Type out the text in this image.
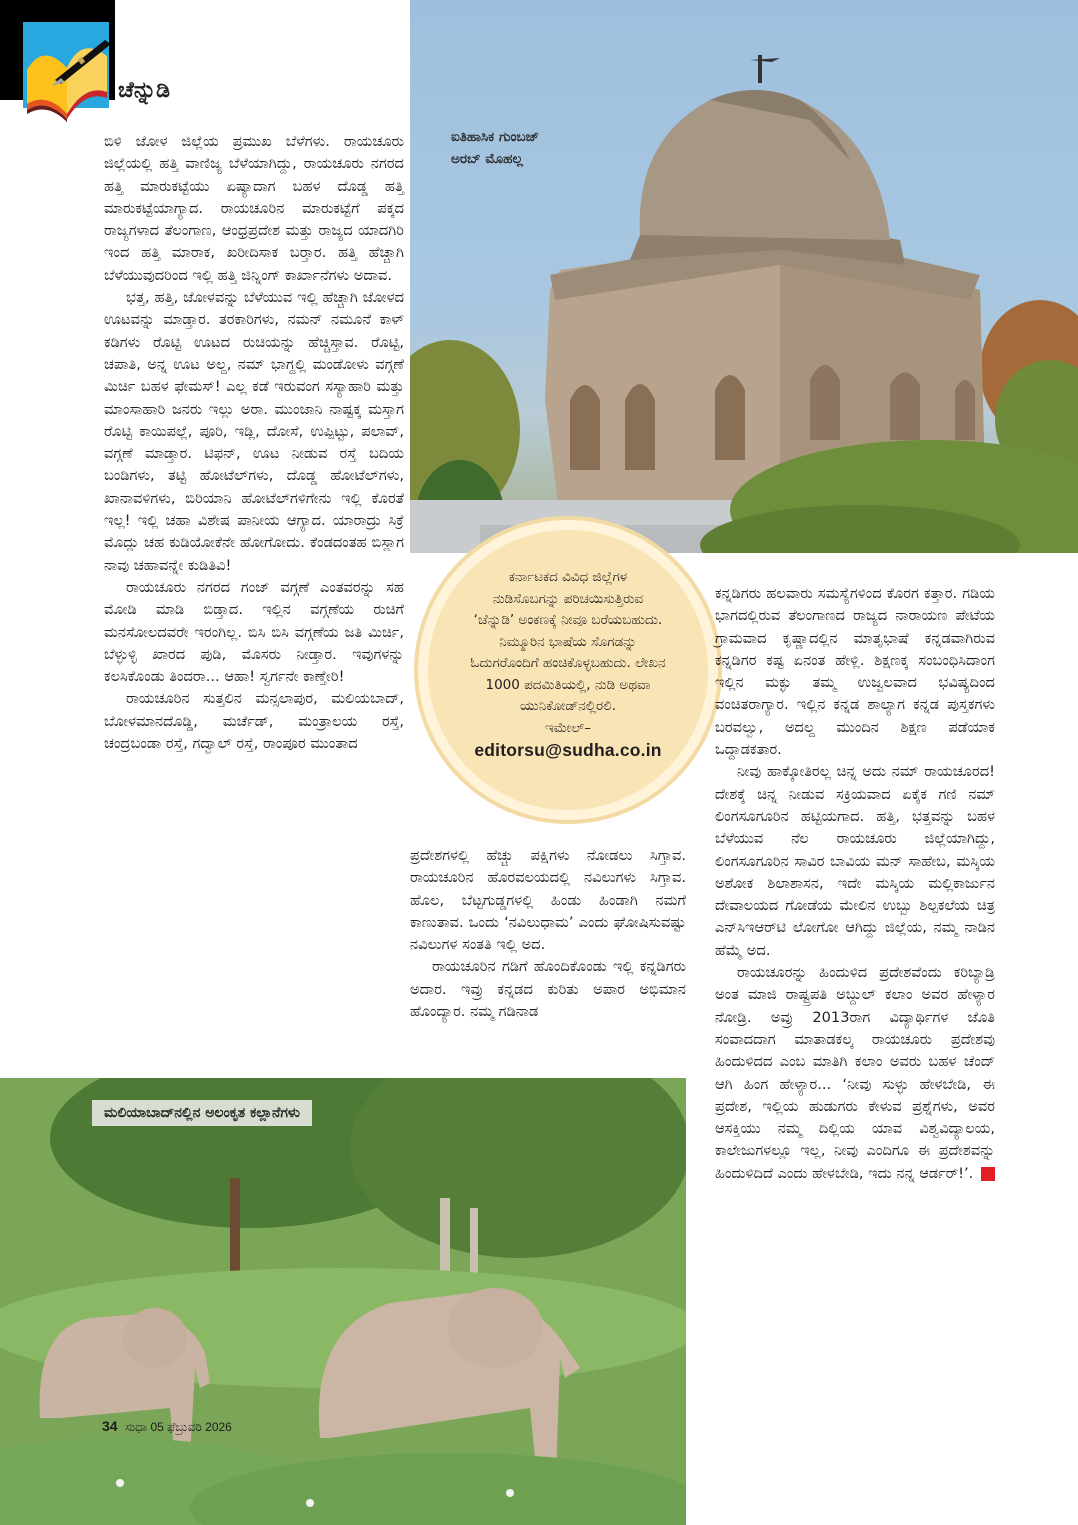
ಚೆನ್ನುಡಿ
ಐತಿಹಾಸಿಕ ಗುಂಬಜ್
ಅರಬ್ ಮೊಹಲ್ಲ
ಕರ್ನಾಟಕದ ವಿವಿಧ ಜಿಲ್ಲೆಗಳ
ನುಡಿಸೊಬಗನ್ನು ಪರಿಚಯಿಸುತ್ತಿರುವ
‘ಚೆನ್ನುಡಿ’ ಅಂಕಣಕ್ಕೆ ನೀವೂ ಬರೆಯಬಹುದು.
ನಿಮ್ಮೂರಿನ ಭಾಷೆಯ ಸೊಗಡನ್ನು
ಓದುಗರೊಂದಿಗೆ ಹಂಚಿಕೊಳ್ಳಬಹುದು. ಲೇಖನ
1000 ಪದಮಿತಿಯಲ್ಲಿ, ನುಡಿ ಅಥವಾ
ಯುನಿಕೋಡ್‌ನಲ್ಲಿರಲಿ.
ಇಮೇಲ್–
editorsu@sudha.co.in

ಬಿಳಿ ಜೋಳ ಜಿಲ್ಲೆಯ ಪ್ರಮುಖ ಬೆಳೆಗಳು. ರಾಯಚೂರು ಜಿಲ್ಲೆಯಲ್ಲಿ ಹತ್ತಿ ವಾಣಿಜ್ಯ ಬೆಳೆಯಾಗಿದ್ದು, ರಾಯಚೂರು ನಗರದ ಹತ್ತಿ ಮಾರುಕಟ್ಟೆಯು ಏಷ್ಯಾದಾಗ ಬಹಳ ದೊಡ್ಡ ಹತ್ತಿ ಮಾರುಕಟ್ಟೆಯಾಗ್ಯಾದ. ರಾಯಚೂರಿನ ಮಾರುಕಟ್ಟೆಗೆ ಪಕ್ಕದ ರಾಜ್ಯಗಳಾದ ತೆಲಂಗಾಣ, ಆಂಧ್ರಪ್ರದೇಶ ಮತ್ತು ರಾಜ್ಯದ ಯಾದಗಿರಿ ಇಂದ ಹತ್ತಿ ಮಾರಾಕ, ಖರೀದಿಸಾಕ ಬರ್‍ತಾರ. ಹತ್ತಿ ಹೆಚ್ಚಾಗಿ ಬೆಳೆಯುವುದರಿಂದ ಇಲ್ಲಿ ಹತ್ತಿ ಜಿನ್ನಿಂಗ್ ಕಾರ್ಖಾನೆಗಳು ಅದಾವ.

ಭತ್ತ, ಹತ್ತಿ, ಜೋಳವನ್ನು ಬೆಳೆಯುವ ಇಲ್ಲಿ ಹೆಚ್ಚಾಗಿ ಜೋಳದ ಊಟವನ್ನು ಮಾಡ್ತಾರ. ತರಕಾರಿಗಳು, ನಮನ್ ನಮೂನೆ ಕಾಳ್ ಕಡಿಗಳು ರೊಟ್ಟಿ ಊಟದ ರುಚಿಯನ್ನು ಹೆಚ್ಚಿಸ್ತಾವ. ರೊಟ್ಟಿ, ಚಪಾತಿ, ಅನ್ನ ಊಟ ಅಲ್ದ, ನಮ್ ಭಾಗ್ದಲ್ಲಿ ಮಂಡೋಳು ವಗ್ಗಣೆ ಮಿರ್ಚಿ ಬಹಳ ಫೇಮಸ್! ಎಲ್ಲ ಕಡೆ ಇರುವಂಗ ಸಸ್ಯಾಹಾರಿ ಮತ್ತು ಮಾಂಸಾಹಾರಿ ಜನರು ಇಲ್ಲು ಅರಾ. ಮುಂಜಾನಿ ನಾಷ್ಟಕ್ಕ ಮಸ್ತಾಗ ರೊಟ್ಟಿ ಕಾಯಿಪಲ್ಲೆ, ಪೂರಿ, ಇಡ್ಲಿ, ದೋಸೆ, ಉಪ್ಪಿಟ್ಟು, ಪಲಾವ್, ವಗ್ಗಣೆ ಮಾಡ್ತಾರ. ಟಿಫನ್, ಊಟ ನೀಡುವ ರಸ್ತೆ ಬದಿಯ ಬಂಡಿಗಳು, ತಟ್ಟಿ ಹೋಟೆಲ್‌ಗಳು, ದೊಡ್ಡ ಹೋಟೆಲ್‌ಗಳು, ಖಾನಾವಳಿಗಳು, ಬಿರಿಯಾನಿ ಹೋಟೆಲ್‌ಗಳಿಗೇನು ಇಲ್ಲಿ ಕೊರತೆ ಇಲ್ಲ! ಇಲ್ಲಿ ಚಹಾ ವಿಶೇಷ ಪಾನೀಯ ಆಗ್ಯಾದ. ಯಾರಾದ್ರು ಸಿಕ್ರೆ ಮೊದ್ಲು ಚಹ ಕುಡಿಯೋಕೆನೇ ಹೋಗೋದು. ಕೆಂಡದಂತಹ ಬಿಸ್ಲಾಗ ನಾವು ಚಹಾವನ್ನೇ ಕುಡಿತಿವಿ!

ರಾಯಚೂರು ನಗರದ ಗಂಜ್ ವಗ್ಗಣೆ ಎಂತವರನ್ನು ಸಹ ಮೋಡಿ ಮಾಡಿ ಬಿಡ್ತಾದ. ಇಲ್ಲಿನ ವಗ್ಗಣೆಯ ರುಚಿಗೆ ಮನಸೋಲದವರೇ ಇರಂಗಿಲ್ಲ. ಬಿಸಿ ಬಿಸಿ ವಗ್ಗಣೆಯ ಜತಿ ಮಿರ್ಚಿ, ಬೆಳ್ಳುಳ್ಳಿ ಖಾರದ ಪುಡಿ, ಮೊಸರು ನೀಡ್ತಾರ. ಇವುಗಳನ್ನು ಕಲಸಿಕೊಂಡು ತಿಂದರಾ... ಆಹಾ! ಸ್ವರ್ಗನೇ ಕಾಣ್ತೇರಿ!

ರಾಯಚೂರಿನ ಸುತ್ತಲಿನ ಮನ್ಸಲಾಪುರ, ಮಲಿಯಬಾದ್, ಬೋಳಮಾನದೊಡ್ಡಿ, ಮರ್ಚೆಡ್, ಮಂತ್ರಾಲಯ ರಸ್ತೆ, ಚಂದ್ರಬಂಡಾ ರಸ್ತೆ, ಗದ್ವಾಲ್ ರಸ್ತೆ, ರಾಂಪೂರ ಮುಂತಾದ

ಪ್ರದೇಶಗಳಲ್ಲಿ ಹೆಚ್ಚು ಪಕ್ಷಿಗಳು ನೋಡಲು ಸಿಗ್ತಾವ. ರಾಯಚೂರಿನ ಹೊರವಲಯದಲ್ಲಿ ನವಿಲುಗಳು ಸಿಗ್ತಾವ. ಹೊಲ, ಬೆಟ್ಟಗುಡ್ಡಗಳಲ್ಲಿ ಹಿಂಡು ಹಿಂಡಾಗಿ ನಮಗೆ ಕಾಣುತಾವ. ಒಂದು ‘ನವಿಲುಧಾಮ’ ಎಂದು ಘೋಷಿಸುವಷ್ಟು ನವಿಲುಗಳ ಸಂತತಿ ಇಲ್ಲಿ ಅದ.

ರಾಯಚೂರಿನ ಗಡಿಗೆ ಹೊಂದಿಕೊಂಡು ಇಲ್ಲಿ ಕನ್ನಡಿಗರು ಅದಾರ. ಇವ್ರು ಕನ್ನಡದ ಕುರಿತು ಅಪಾರ ಅಭಿಮಾನ ಹೊಂದ್ಯಾರ. ನಮ್ಮ ಗಡಿನಾಡ

ಕನ್ನಡಿಗರು ಹಲವಾರು ಸಮಸ್ಯೆಗಳಿಂದ ಕೊರಗ ಕತ್ತಾರ. ಗಡಿಯ ಭಾಗದಲ್ಲಿರುವ ತೆಲಂಗಾಣದ ರಾಜ್ಯದ ನಾರಾಯಣ ಪೇಟೆಯ ಗ್ರಾಮವಾದ ಕೃಷ್ಣಾದಲ್ಲಿನ ಮಾತೃಭಾಷೆ ಕನ್ನಡವಾಗಿರುವ ಕನ್ನಡಿಗರ ಕಷ್ಟ ಏನಂತ ಹೇಳ್ಲಿ. ಶಿಕ್ಷಣಕ್ಕ ಸಂಬಂಧಿಸಿದಾಂಗ ಇಲ್ಲಿನ ಮಕ್ಳು ತಮ್ಮ ಉಜ್ವಲವಾದ ಭವಿಷ್ಯದಿಂದ ವಂಚಿತರಾಗ್ಯಾರ. ಇಲ್ಲಿನ ಕನ್ನಡ ಶಾಲ್ಯಾಗ ಕನ್ನಡ ಪುಸ್ತಕಗಳು ಬರವಲ್ವು, ಅದಲ್ದ ಮುಂದಿನ ಶಿಕ್ಷಣ ಪಡೆಯಾಕ ಒದ್ದಾಡಕತಾರ.

ನೀವು ಹಾಕ್ಕೋತಿರಲ್ಲ ಚಿನ್ನ ಅದು ನಮ್ ರಾಯಚೂರದ! ದೇಶಕ್ಕೆ ಚಿನ್ನ ನೀಡುವ ಸಕ್ರಿಯವಾದ ಏಕೈಕ ಗಣಿ ನಮ್ ಲಿಂಗಸೂಗೂರಿನ ಹಟ್ಟಿಯಗಾದ. ಹತ್ತಿ, ಭತ್ತವನ್ನು ಬಹಳ ಬೆಳೆಯುವ ನೆಲ ರಾಯಚೂರು ಜಿಲ್ಲೆಯಾಗಿದ್ದು, ಲಿಂಗಸೂಗೂರಿನ ಸಾವಿರ ಬಾವಿಯ ಮನ್ ಸಾಹೇಬ, ಮಸ್ಕಿಯ ಅಶೋಕ ಶಿಲಾಶಾಸನ, ಇದೇ ಮಸ್ಕಿಯ ಮಲ್ಲಿಕಾರ್ಜುನ ದೇವಾಲಯದ ಗೋಡೆಯ ಮೇಲಿನ ಉಬ್ಬು ಶಿಲ್ಪಕಲೆಯ ಚಿತ್ರ ಎನ್‌ಸಿಇಆರ್‌ಟಿ ಲೋಗೋ ಆಗಿದ್ದು ಜಿಲ್ಲೆಯ, ನಮ್ಮ ನಾಡಿನ ಹೆಮ್ಮೆ ಅದ.

ರಾಯಚೂರನ್ನು ಹಿಂದುಳಿದ ಪ್ರದೇಶವೆಂದು ಕರಿಬ್ಯಾಡ್ರಿ ಅಂತ ಮಾಜಿ ರಾಷ್ಟ್ರಪತಿ ಅಬ್ದುಲ್ ಕಲಾಂ ಅವರ ಹೇಳ್ಯಾರ ನೋಡ್ರಿ. ಅವ್ರು 2013ರಾಗ ವಿದ್ಯಾರ್ಥಿಗಳ ಜೊತಿ ಸಂವಾದದಾಗ ಮಾತಾಡಕಲ್ಕ ರಾಯಚೂರು ಪ್ರದೇಶವು ಹಿಂದುಳಿದದ ಎಂಬ ಮಾತಿಗಿ ಕಲಾಂ ಅವರು ಬಹಳ ಚೆಂದ್ ಆಗಿ ಹಿಂಗ ಹೇಳ್ಯಾರ... ‘ನೀವು ಸುಳ್ಳು ಹೇಳಬೇಡಿ, ಈ ಪ್ರದೇಶ, ಇಲ್ಲಿಯ ಹುಡುಗರು ಕೇಳುವ ಪ್ರಶ್ನೆಗಳು, ಅವರ ಆಸಕ್ತಿಯು ನಮ್ಮ ದಿಲ್ಲಿಯ ಯಾವ ವಿಶ್ವವಿದ್ಯಾಲಯ, ಕಾಲೇಜುಗಳಲ್ಲೂ ಇಲ್ಲ, ನೀವು ಎಂದಿಗೂ ಈ ಪ್ರದೇಶವನ್ನು ಹಿಂದುಳಿದಿದೆ ಎಂದು ಹೇಳಬೇಡಿ, ಇದು ನನ್ನ ಆರ್ಡರ್!’.

ಮಲಿಯಾಬಾದ್‌ನಲ್ಲಿನ ಅಲಂಕೃತ ಕಲ್ಲಾನೆಗಳು
34 ಸುಧಾ 05 ಫೆಬ್ರುವರಿ 2026
